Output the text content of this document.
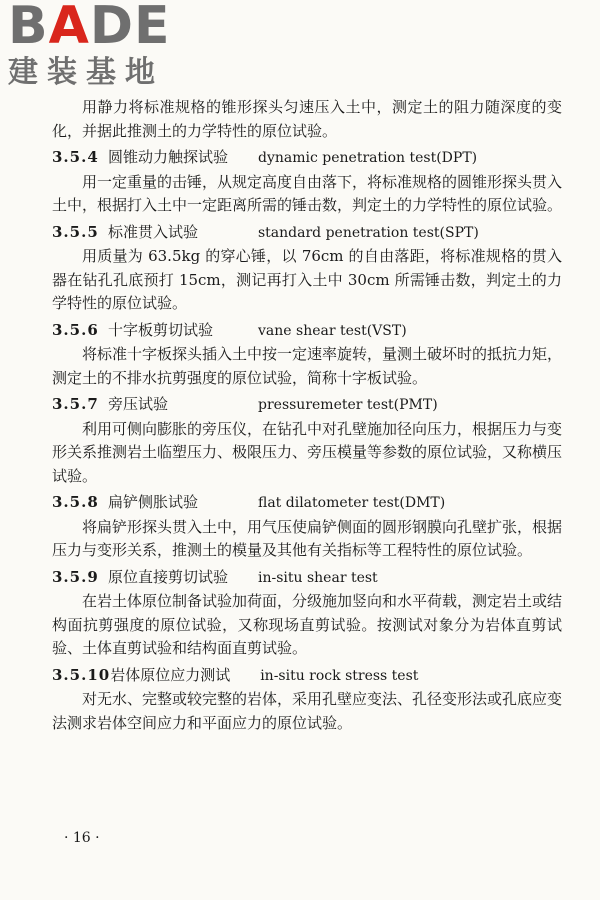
BADE
建装基地

用静力将标准规格的锥形探头匀速压入土中，测定土的阻力随深度的变化，并据此推测土的力学特性的原位试验。

3.5.4 圆锥动力触探试验 dynamic penetration test(DPT)

用一定重量的击锤，从规定高度自由落下，将标准规格的圆锥形探头贯入土中，根据打入土中一定距离所需的锤击数，判定土的力学特性的原位试验。

3.5.5 标准贯入试验	standard penetration test(SPT)

用质量为 63.5kg 的穿心锤，以 76cm 的自由落距，将标准规格的贯入器在钻孔孔底预打 15cm，测记再打入土中 30cm 所需锤击数，判定土的力学特性的原位试验。

3.5.6 十字板剪切试验	vane shear test(VST)

将标准十字板探头插入土中按一定速率旋转，量测土破坏时的抵抗力矩，测定土的不排水抗剪强度的原位试验，简称十字板试验。

3.5.7 旁压试验	pressuremeter test(PMT)

利用可侧向膨胀的旁压仪，在钻孔中对孔壁施加径向压力，根据压力与变形关系推测岩土临塑压力、极限压力、旁压模量等参数的原位试验，又称横压试验。

3.5.8 扁铲侧胀试验	flat dilatometer test(DMT)

将扁铲形探头贯入土中，用气压使扁铲侧面的圆形钢膜向孔壁扩张，根据压力与变形关系，推测土的模量及其他有关指标等工程特性的原位试验。

3.5.9 原位直接剪切试验 in-situ shear test

在岩土体原位制备试验加荷面，分级施加竖向和水平荷载，测定岩土或结构面抗剪强度的原位试验，又称现场直剪试验。按测试对象分为岩体直剪试验、土体直剪试验和结构面直剪试验。

3.5.10岩体原位应力测试 in-situ rock stress test

对无水、完整或较完整的岩体，采用孔壁应变法、孔径变形法或孔底应变法测求岩体空间应力和平面应力的原位试验。

· 16 ·
